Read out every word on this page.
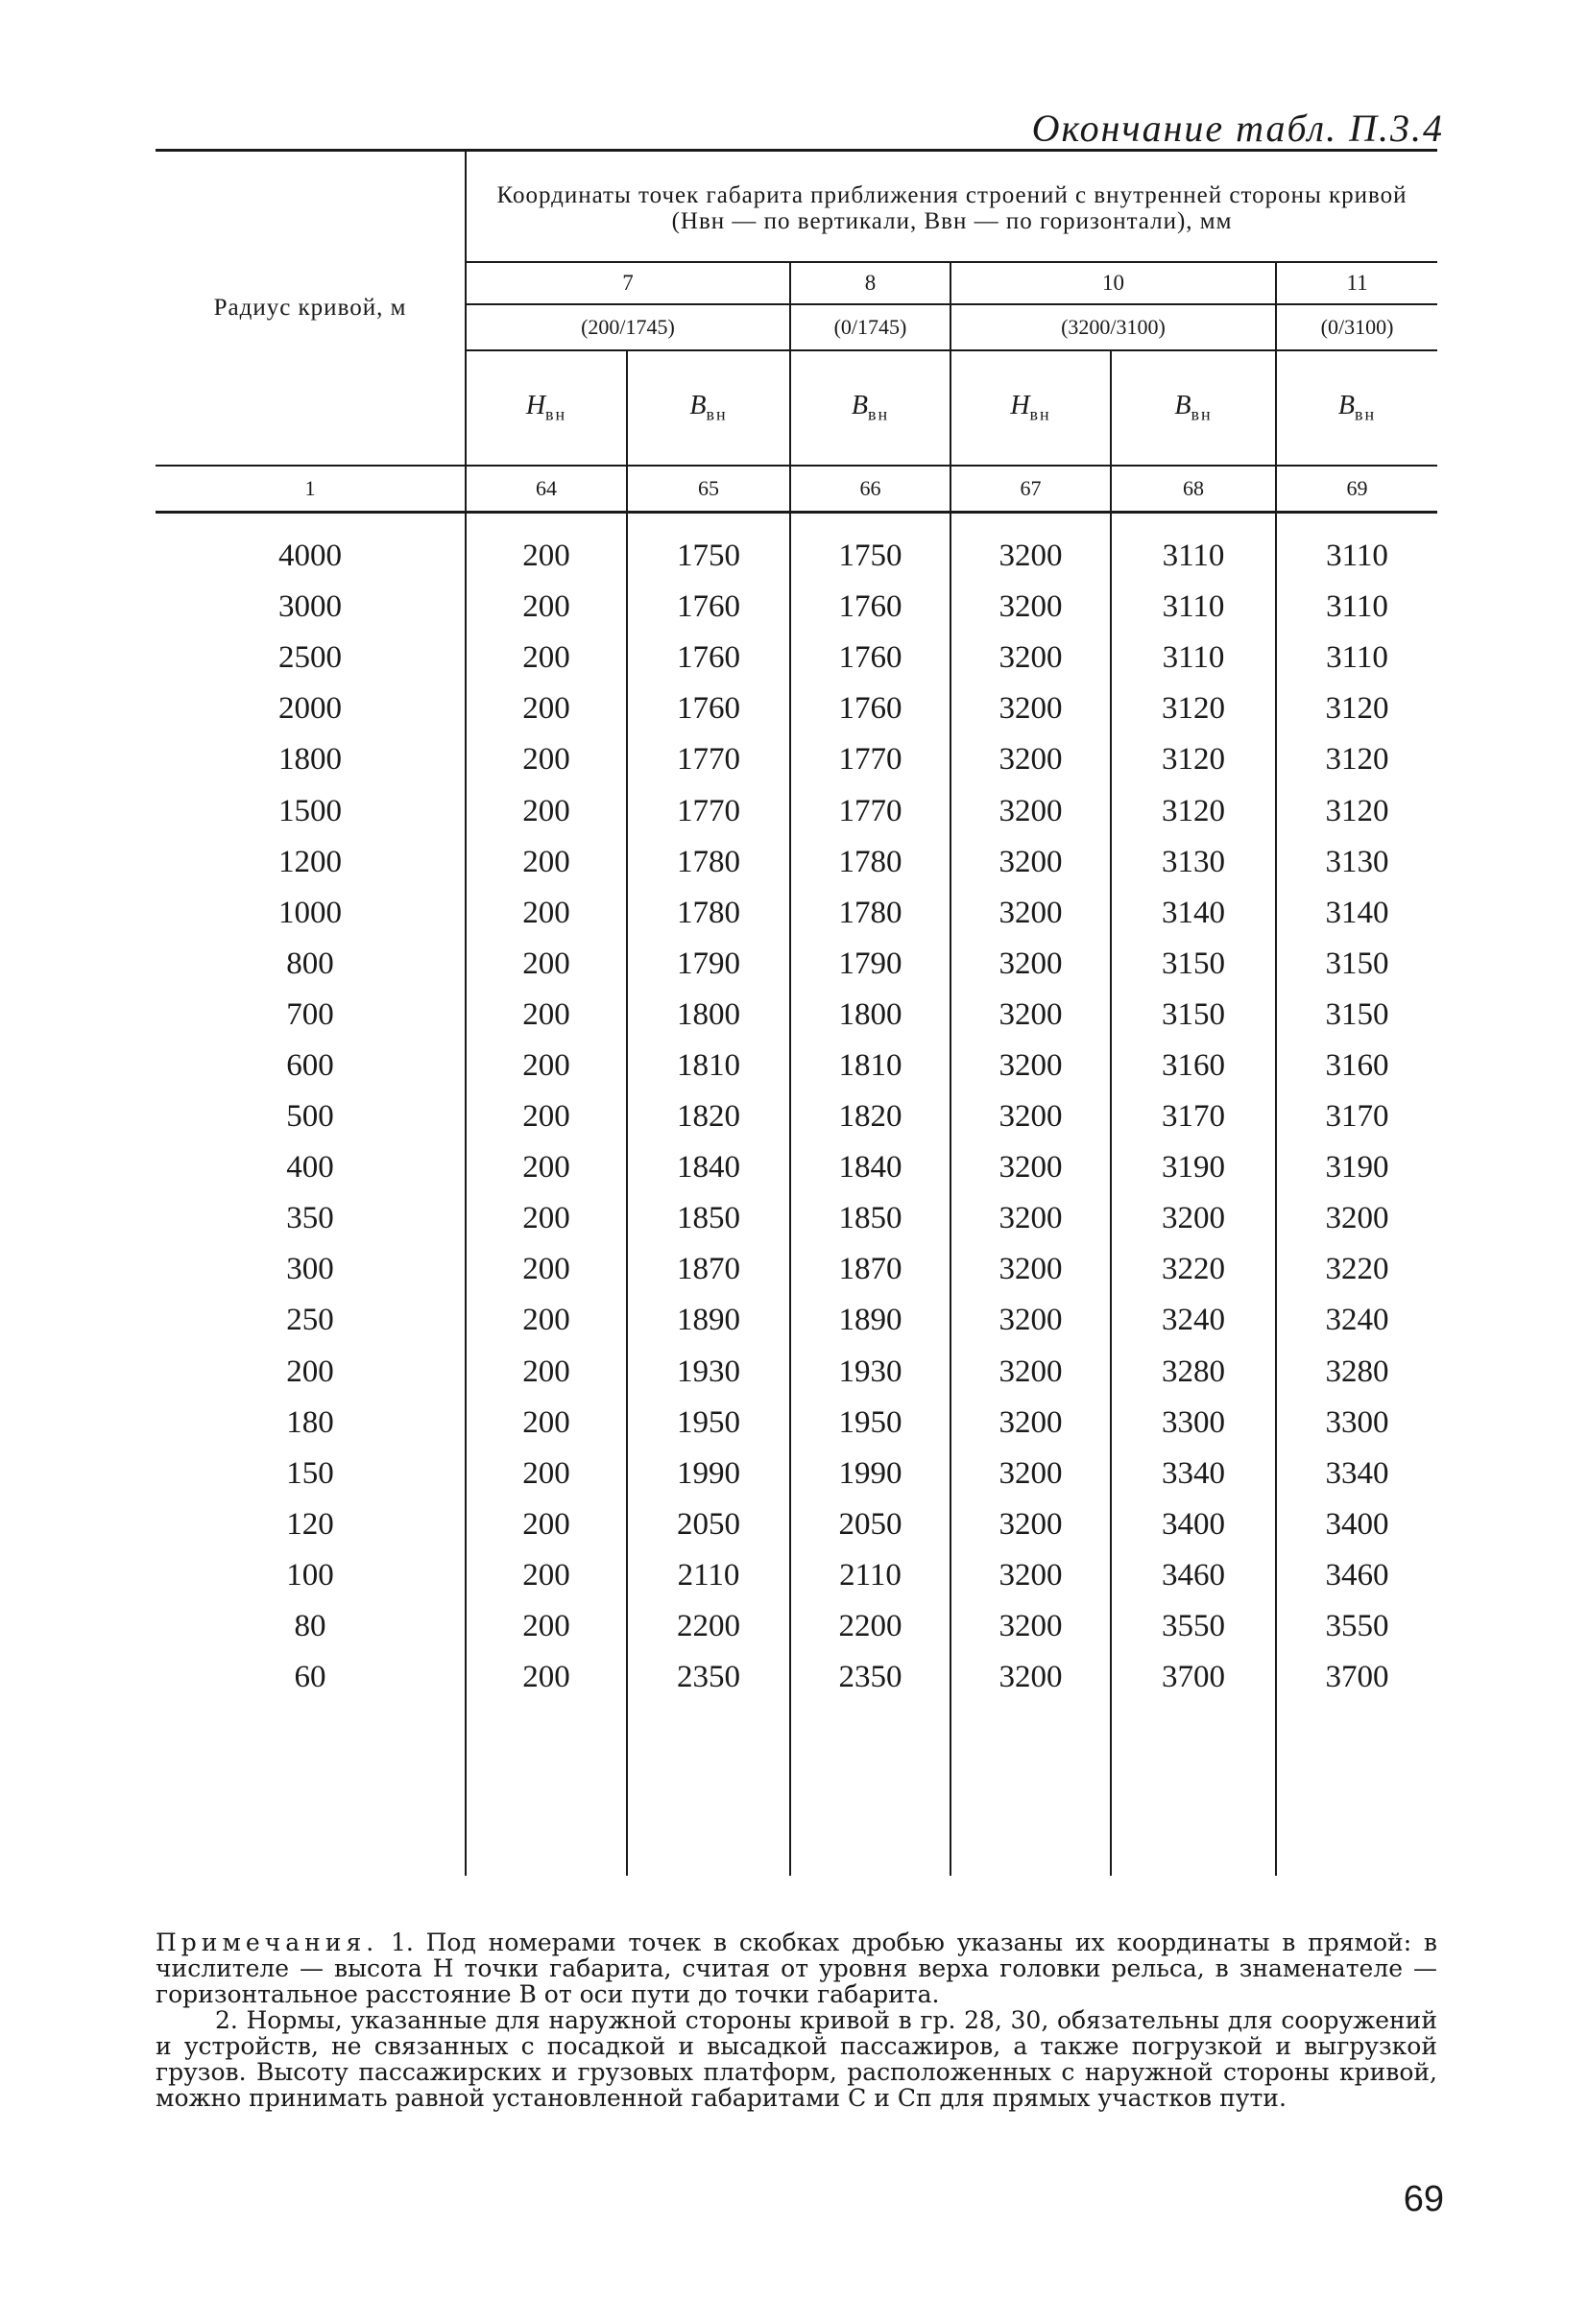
Окончание табл. П.3.4
Радиус кривой, м	Координаты точек габарита приближения строений с внутренней стороны кривой (Hвн — по вертикали, Bвн — по горизонтали), мм					
	7		8	10		11
	(200/1745)		(0/1745)	(3200/3100)		(0/3100)
	$H_{вн}$	$B_{вн}$	$B_{вн}$	$H_{вн}$	$B_{вн}$	$B_{вн}$
1	64	65	66	67	68	69
4000	200	1750	1750	3200	3110	3110
3000	200	1760	1760	3200	3110	3110
2500	200	1760	1760	3200	3110	3110
2000	200	1760	1760	3200	3120	3120
1800	200	1770	1770	3200	3120	3120
1500	200	1770	1770	3200	3120	3120
1200	200	1780	1780	3200	3130	3130
1000	200	1780	1780	3200	3140	3140
800	200	1790	1790	3200	3150	3150
700	200	1800	1800	3200	3150	3150
600	200	1810	1810	3200	3160	3160
500	200	1820	1820	3200	3170	3170
400	200	1840	1840	3200	3190	3190
350	200	1850	1850	3200	3200	3200
300	200	1870	1870	3200	3220	3220
250	200	1890	1890	3200	3240	3240
200	200	1930	1930	3200	3280	3280
180	200	1950	1950	3200	3300	3300
150	200	1990	1990	3200	3340	3340
120	200	2050	2050	3200	3400	3400
100	200	2110	2110	3200	3460	3460
80	200	2200	2200	3200	3550	3550
60	200	2350	2350	3200	3700	3700

Примечания. 1. Под номерами точек в скобках дробью указаны их координаты в прямой: в числителе — высота H точки габарита, считая от уровня верха головки рельса, в знаменателе — горизонтальное расстояние B от оси пути до точки габарита.

2. Нормы, указанные для наружной стороны кривой в гр. 28, 30, обязательны для сооружений и устройств, не связанных с посадкой и высадкой пассажиров, а также погрузкой и выгрузкой грузов. Высоту пассажирских и грузовых платформ, расположенных с наружной стороны кривой, можно принимать равной установленной габаритами С и Сп для прямых участков пути.

69
